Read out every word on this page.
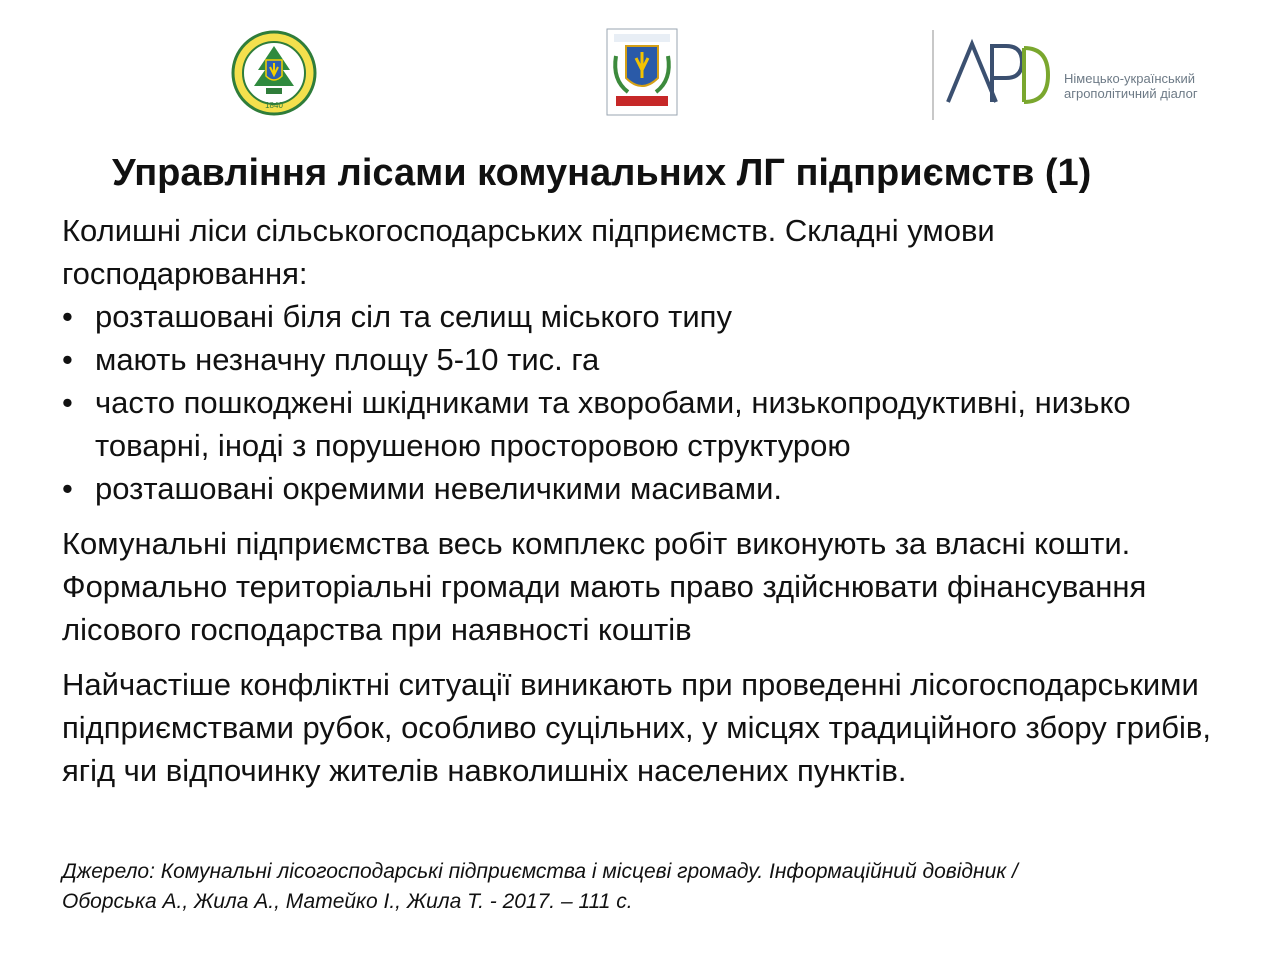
1840
Німецько-український
агрополітичний діалог
Управління лісами комунальних ЛГ підприємств (1)

Колишні ліси сільськогосподарських підприємств. Складні умови господарювання:

• розташовані біля сіл та селищ міського типу
• мають незначну площу 5-10 тис. га
• часто пошкоджені шкідниками та хворобами, низькопродуктивні, низько товарні, іноді з порушеною просторовою структурою
• розташовані окремими невеличкими масивами.

Комунальні підприємства весь комплекс робіт виконують за власні кошти. Формально територіальні громади мають право здійснювати фінансування лісового господарства при наявності коштів

Найчастіше конфліктні ситуації виникають при проведенні лісогосподарськими підприємствами рубок, особливо суцільних, у місцях традиційного збору грибів, ягід чи відпочинку жителів навколишніх населених пунктів.

Джерело: Комунальні лісогосподарські підприємства і місцеві громаду. Інформаційний довідник /
Оборська А., Жила А., Матейко І., Жила Т. - 2017. – 111 с.
